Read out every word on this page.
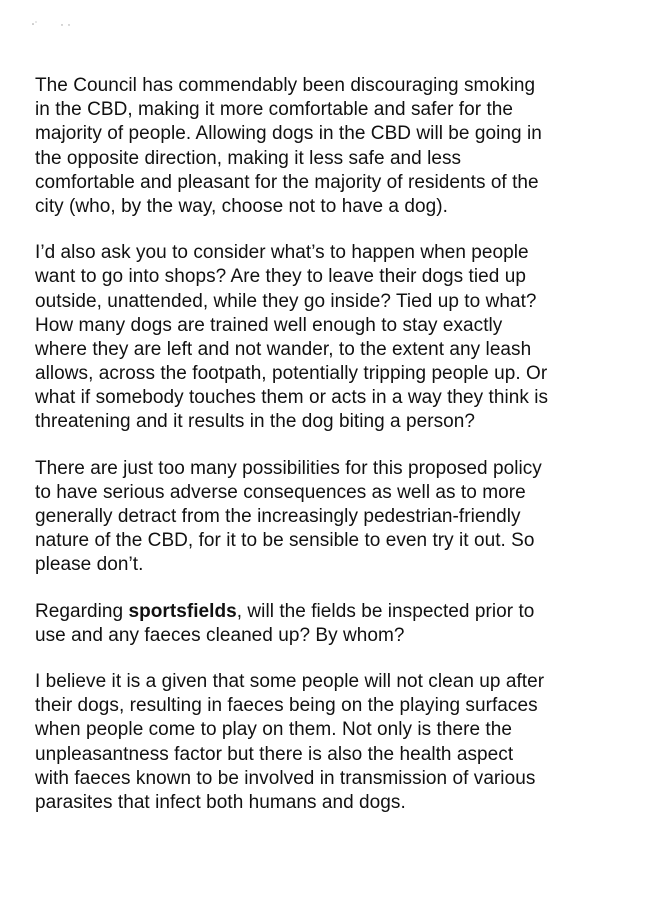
The Council has commendably been discouraging smoking
in the CBD, making it more comfortable and safer for the
majority of people. Allowing dogs in the CBD will be going in
the opposite direction, making it less safe and less
comfortable and pleasant for the majority of residents of the
city (who, by the way, choose not to have a dog).

I’d also ask you to consider what’s to happen when people
want to go into shops? Are they to leave their dogs tied up
outside, unattended, while they go inside? Tied up to what?
How many dogs are trained well enough to stay exactly
where they are left and not wander, to the extent any leash
allows, across the footpath, potentially tripping people up. Or
what if somebody touches them or acts in a way they think is
threatening and it results in the dog biting a person?

There are just too many possibilities for this proposed policy
to have serious adverse consequences as well as to more
generally detract from the increasingly pedestrian-friendly
nature of the CBD, for it to be sensible to even try it out. So
please don’t.

Regarding sportsfields, will the fields be inspected prior to
use and any faeces cleaned up? By whom?

I believe it is a given that some people will not clean up after
their dogs, resulting in faeces being on the playing surfaces
when people come to play on them. Not only is there the
unpleasantness factor but there is also the health aspect
with faeces known to be involved in transmission of various
parasites that infect both humans and dogs.
